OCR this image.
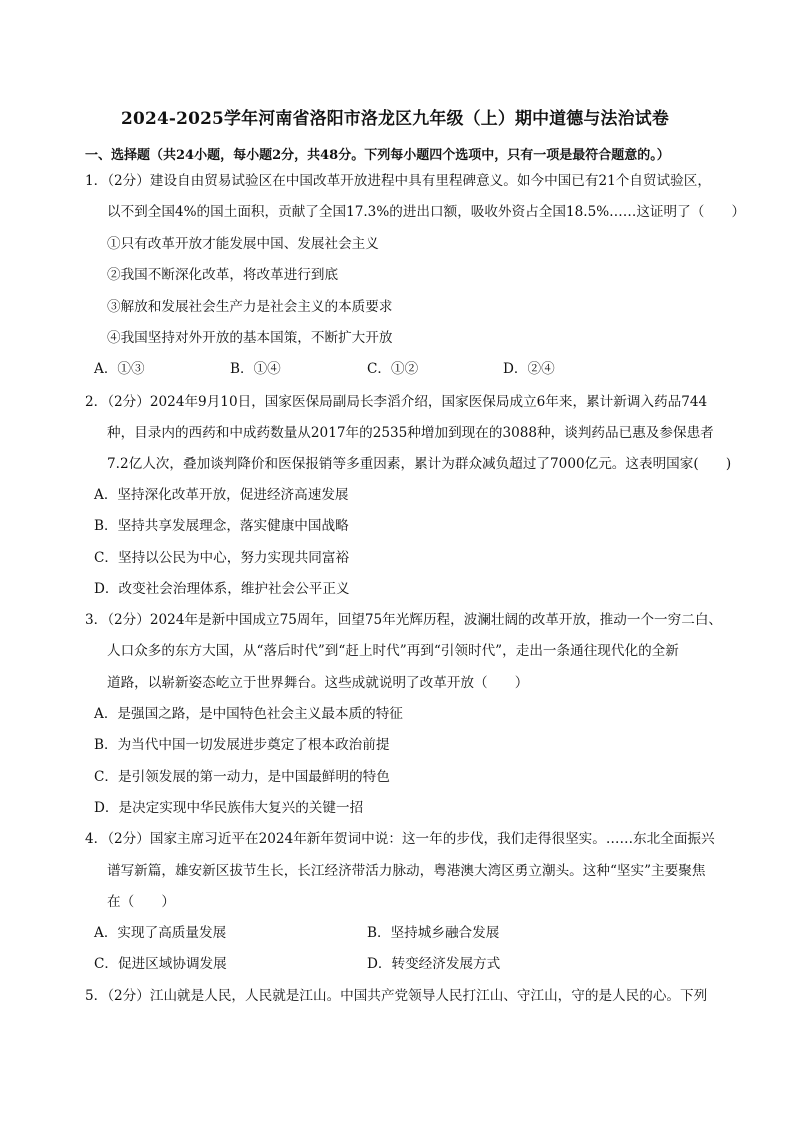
2024-2025学年河南省洛阳市洛龙区九年级（上）期中道德与法治试卷
一、选择题（共24小题，每小题2分，共48分。下列每小题四个选项中，只有一项是最符合题意的。）
1．（2分）建设自由贸易试验区在中国改革开放进程中具有里程碑意义。如今中国已有21个自贸试验区，
以不到全国4%的国土面积，贡献了全国17.3%的进出口额，吸收外资占全国18.5%……这证明了（　　）
①只有改革开放才能发展中国、发展社会主义
②我国不断深化改革，将改革进行到底
③解放和发展社会生产力是社会主义的本质要求
④我国坚持对外开放的基本国策，不断扩大开放
A．①③	B．①④	C．①②	D．②④
2．（2分）2024年9月10日，国家医保局副局长李滔介绍，国家医保局成立6年来，累计新调入药品744
种，目录内的西药和中成药数量从2017年的2535种增加到现在的3088种，谈判药品已惠及参保患者
7.2亿人次，叠加谈判降价和医保报销等多重因素，累计为群众减负超过了7000亿元。这表明国家(　　)
A．坚持深化改革开放，促进经济高速发展
B．坚持共享发展理念，落实健康中国战略
C．坚持以公民为中心，努力实现共同富裕
D．改变社会治理体系，维护社会公平正义
3．（2分）2024年是新中国成立75周年，回望75年光辉历程，波澜壮阔的改革开放，推动一个一穷二白、
人口众多的东方大国，从“落后时代”到“赶上时代”再到“引领时代”，走出一条通往现代化的全新
道路，以崭新姿态屹立于世界舞台。这些成就说明了改革开放（　　）
A．是强国之路，是中国特色社会主义最本质的特征
B．为当代中国一切发展进步奠定了根本政治前提
C．是引领发展的第一动力，是中国最鲜明的特色
D．是决定实现中华民族伟大复兴的关键一招
4．（2分）国家主席习近平在2024年新年贺词中说：这一年的步伐，我们走得很坚实。……东北全面振兴
谱写新篇，雄安新区拔节生长，长江经济带活力脉动，粤港澳大湾区勇立潮头。这种“坚实”主要聚焦
在（　　）
A．实现了高质量发展	B．坚持城乡融合发展
C．促进区域协调发展	D．转变经济发展方式
5．（2分）江山就是人民，人民就是江山。中国共产党领导人民打江山、守江山，守的是人民的心。下列
